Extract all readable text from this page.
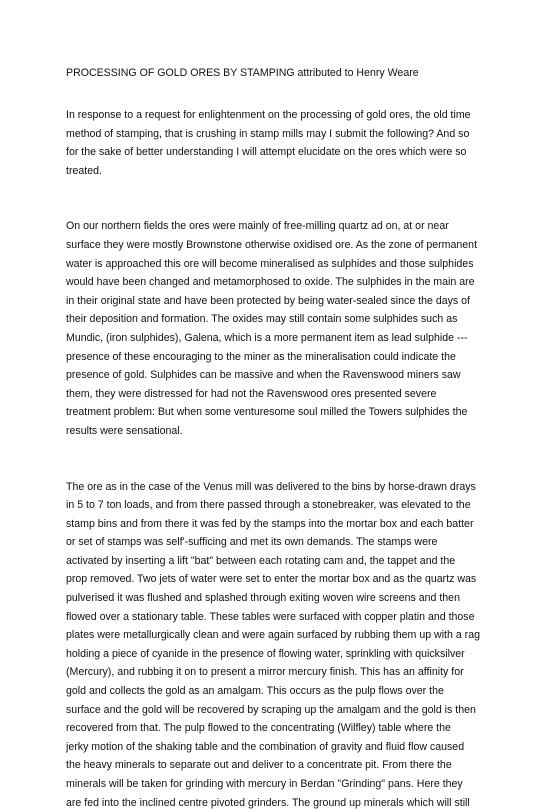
PROCESSING OF GOLD ORES BY STAMPING attributed to Henry Weare
In response to a request for enlightenment on the processing of gold ores, the old time
method of stamping, that is crushing in stamp mills may I submit the following? And so
for the sake of better understanding I will attempt elucidate on the ores which were so
treated.
On our northern fields the ores were mainly of free-milling quartz ad on, at or near
surface they were mostly Brownstone otherwise oxidised ore. As the zone of permanent
water is approached this ore will become mineralised as sulphides and those sulphides
would have been changed and metamorphosed to oxide. The sulphides in the main are
in their original state and have been protected by being water-sealed since the days of
their deposition and formation. The oxides may still contain some sulphides such as
Mundic, (iron sulphides), Galena, which is a more permanent item as lead sulphide ---
presence of these encouraging to the miner as the mineralisation could indicate the
presence of gold. Sulphides can be massive and when the Ravenswood miners saw
them, they were distressed for had not the Ravenswood ores presented severe
treatment problem: But when some venturesome soul milled the Towers sulphides the
results were sensational.
The ore as in the case of the Venus mill was delivered to the bins by horse-drawn drays
in 5 to 7 ton loads, and from there passed through a stonebreaker, was elevated to the
stamp bins and from there it was fed by the stamps into the mortar box and each batter
or set of stamps was self'-sufficing and met its own demands. The stamps were
activated by inserting a lift "bat" between each rotating cam and, the tappet and the
prop removed. Two jets of water were set to enter the mortar box and as the quartz was
pulverised it was flushed and splashed through exiting woven wire screens and then
flowed over a stationary table. These tables were surfaced with copper platin and those
plates were metallurgically clean and were again surfaced by rubbing them up with a rag
holding a piece of cyanide in the presence of flowing water, sprinkling with quicksilver
(Mercury), and rubbing it on to present a mirror mercury finish. This has an affinity for
gold and collects the gold as an amalgam. This occurs as the pulp flows over the
surface and the gold will be recovered by scraping up the amalgam and the gold is then
recovered from that. The pulp flowed to the concentrating (Wilfley) table where the
jerky motion of the shaking table and the combination of gravity and fluid flow caused
the heavy minerals to separate out and deliver to a concentrate pit. From there the
minerals will be taken for grinding with mercury in Berdan "Grinding" pans. Here they
are fed into the inclined centre pivoted grinders. The ground up minerals which will still
